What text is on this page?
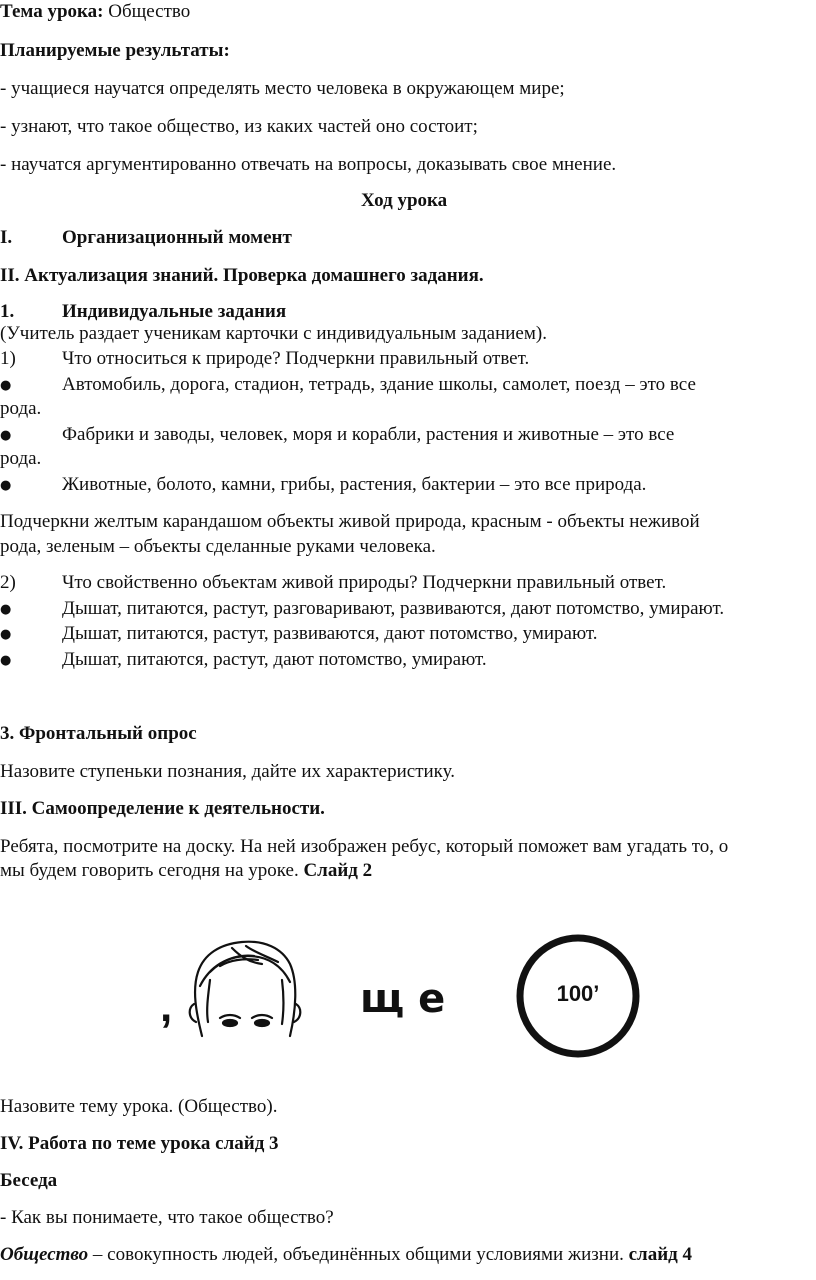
Тема урока: Общество
Планируемые результаты:
- учащиеся научатся определять место человека в окружающем мире;
- узнают, что такое общество, из каких частей оно состоит;
- научатся аргументированно отвечать на вопросы, доказывать свое мнение.
Ход урока
I.	Организационный момент
II. Актуализация знаний. Проверка домашнего задания.
1.	Индивидуальные задания
(Учитель раздает ученикам карточки с индивидуальным заданием).
1) Что относиться к природе? Подчеркни правильный ответ.
●	Автомобиль, дорога, стадион, тетрадь, здание школы, самолет, поезд – это все
рода.
●	Фабрики и заводы, человек, моря и корабли, растения и животные – это все
рода.
●	Животные, болото, камни, грибы, растения, бактерии – это все природа.
Подчеркни желтым карандашом объекты живой природа, красным - объекты неживой
рода, зеленым – объекты сделанные руками человека.
2) Что свойственно объектам живой природы? Подчеркни правильный ответ.
●	Дышат, питаются, растут, разговаривают, развиваются, дают потомство, умирают.
●	Дышат, питаются, растут, развиваются, дают потомство, умирают.
●	Дышат, питаются, растут, дают потомство, умирают.
3. Фронтальный опрос
Назовите ступеньки познания, дайте их характеристику.
III. Самоопределение к деятельности.
Ребята, посмотрите на доску. На ней изображен ребус, который поможет вам угадать то, о
мы будем говорить сегодня на уроке. Слайд 2
,	щ е	100’
Назовите тему урока. (Общество).
IV. Работа по теме урока слайд 3
Беседа
- Как вы понимаете, что такое общество?
Общество – совокупность людей, объединённых общими условиями жизни. слайд 4
